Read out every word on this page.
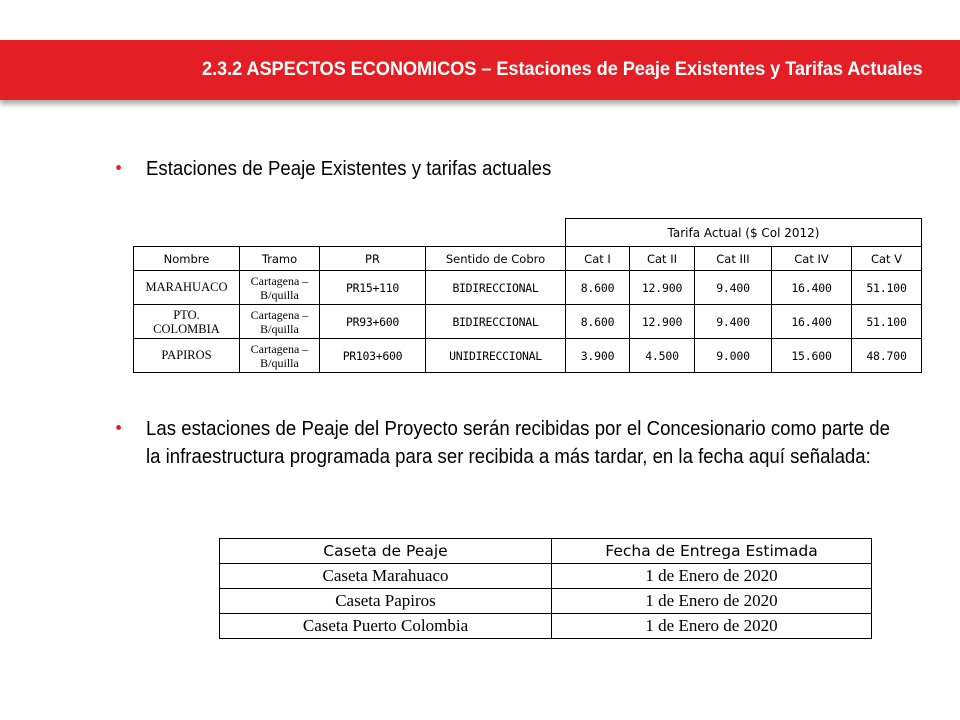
2.3.2 ASPECTOS ECONOMICOS – Estaciones de Peaje Existentes y Tarifas Actuales
Estaciones de Peaje Existentes y tarifas actuales
				Tarifa Actual ($ Col 2012)				
Nombre	Tramo	PR	Sentido de Cobro	Cat I	Cat II	Cat III	Cat IV	Cat V
MARAHUACO	Cartagena – B/quilla	PR15+110	BIDIRECCIONAL	8.600	12.900	9.400	16.400	51.100
PTO. COLOMBIA	Cartagena – B/quilla	PR93+600	BIDIRECCIONAL	8.600	12.900	9.400	16.400	51.100
PAPIROS	Cartagena – B/quilla	PR103+600	UNIDIRECCIONAL	3.900	4.500	9.000	15.600	48.700
Las estaciones de Peaje del Proyecto serán recibidas por el Concesionario como parte de la infraestructura programada para ser recibida a más tardar, en la fecha aquí señalada:
Caseta de Peaje	Fecha de Entrega Estimada
Caseta Marahuaco	1 de Enero de 2020
Caseta Papiros	1 de Enero de 2020
Caseta Puerto Colombia	1 de Enero de 2020
